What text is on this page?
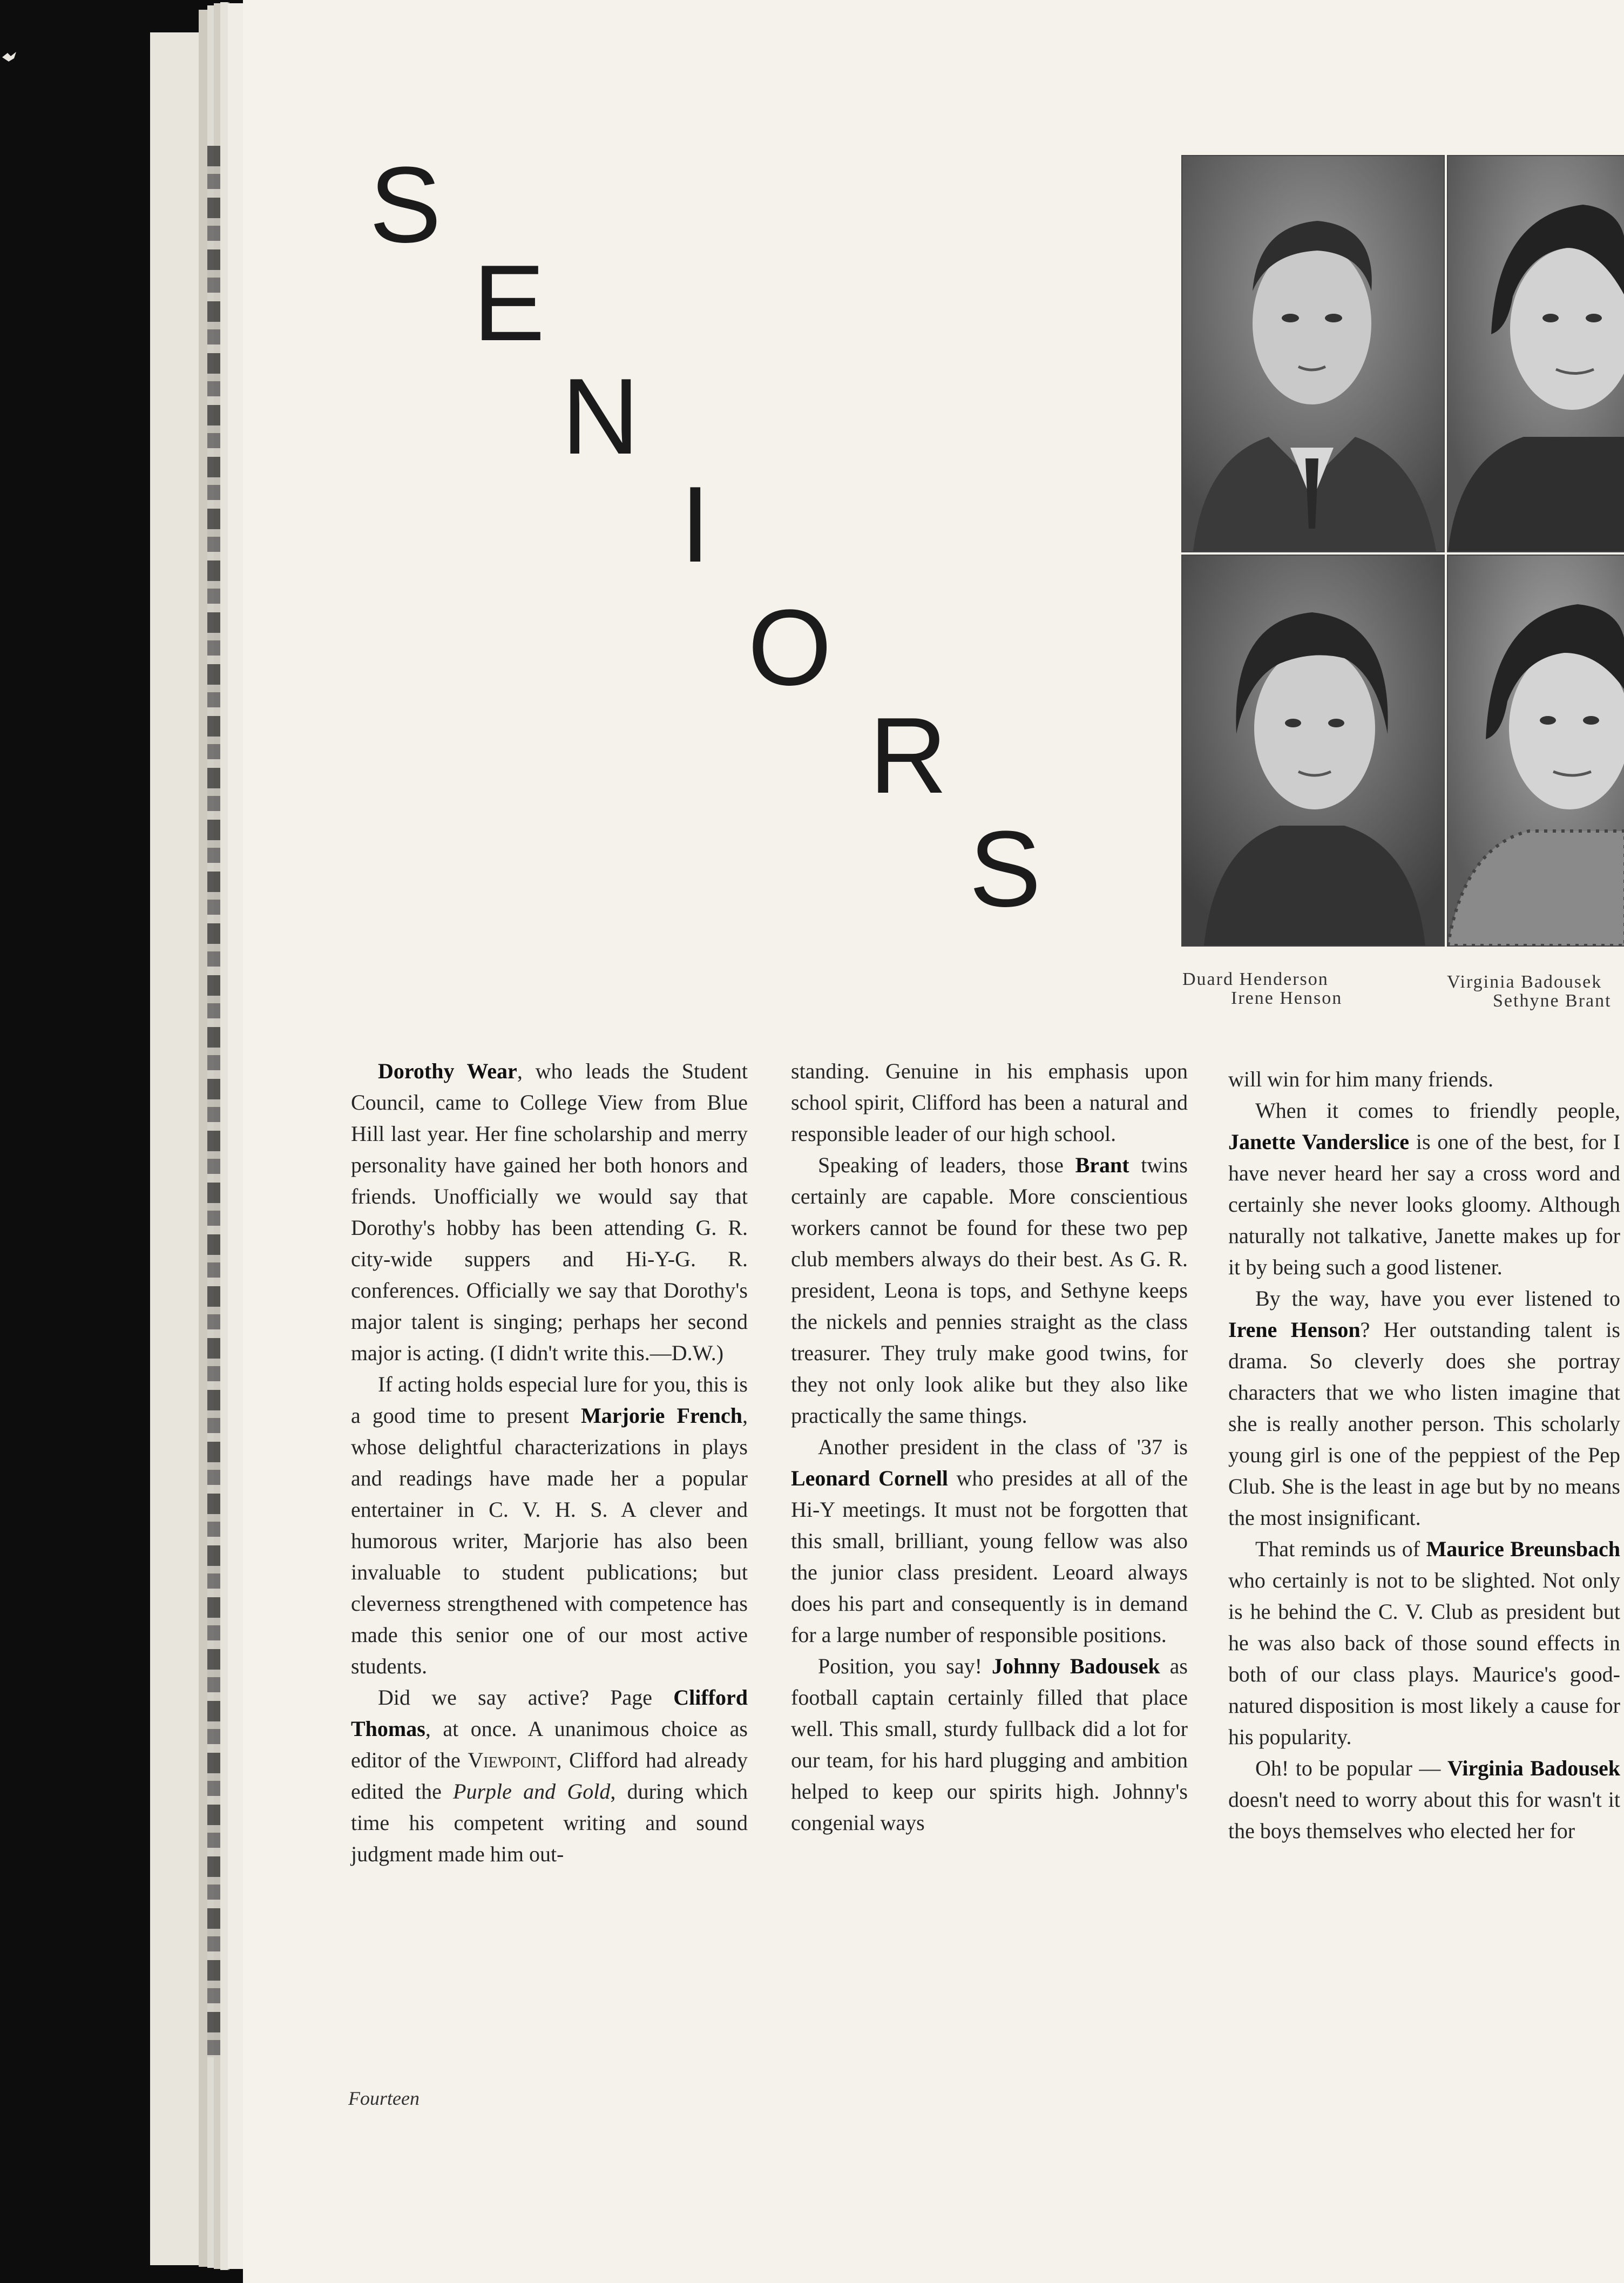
S
E
N
I
O
R
S
Duard Henderson
Irene Henson
Virginia Badousek
Sethyne Brant

Dorothy Wear, who leads the Student Council, came to College View from Blue Hill last year. Her fine scholarship and merry personality have gained her both honors and friends. Unofficially we would say that Dorothy's hobby has been attending G. R. city-wide suppers and Hi-Y-G. R. conferences. Officially we say that Dorothy's major talent is singing; perhaps her second major is acting. (I didn't write this.—D.W.)

If acting holds especial lure for you, this is a good time to present Marjorie French, whose delightful characterizations in plays and readings have made her a popular entertainer in C. V. H. S. A clever and humorous writer, Marjorie has also been invaluable to student publications; but cleverness strengthened with competence has made this senior one of our most active students.

Did we say active? Page Clifford Thomas, at once. A unanimous choice as editor of the Viewpoint, Clifford had already edited the Purple and Gold, during which time his competent writing and sound judgment made him out-

standing. Genuine in his emphasis upon school spirit, Clifford has been a natural and responsible leader of our high school.

Speaking of leaders, those Brant twins certainly are capable. More conscientious workers cannot be found for these two pep club members always do their best. As G. R. president, Leona is tops, and Sethyne keeps the nickels and pennies straight as the class treasurer. They truly make good twins, for they not only look alike but they also like practically the same things.

Another president in the class of '37 is Leonard Cornell who presides at all of the Hi-Y meetings. It must not be forgotten that this small, brilliant, young fellow was also the junior class president. Leoard always does his part and consequently is in demand for a large number of responsible positions.

Position, you say! Johnny Badousek as football captain certainly filled that place well. This small, sturdy fullback did a lot for our team, for his hard plugging and ambition helped to keep our spirits high. Johnny's congenial ways

will win for him many friends.

When it comes to friendly people, Janette Vanderslice is one of the best, for I have never heard her say a cross word and certainly she never looks gloomy. Although naturally not talkative, Janette makes up for it by being such a good listener.

By the way, have you ever listened to Irene Henson? Her outstanding talent is drama. So cleverly does she portray characters that we who listen imagine that she is really another person. This scholarly young girl is one of the peppiest of the Pep Club. She is the least in age but by no means the most insignificant.

That reminds us of Maurice Breunsbach who certainly is not to be slighted. Not only is he behind the C. V. Club as president but he was also back of those sound effects in both of our class plays. Maurice's good-natured disposition is most likely a cause for his popularity.

Oh! to be popular — Virginia Badousek doesn't need to worry about this for wasn't it the boys themselves who elected her for

Fourteen
